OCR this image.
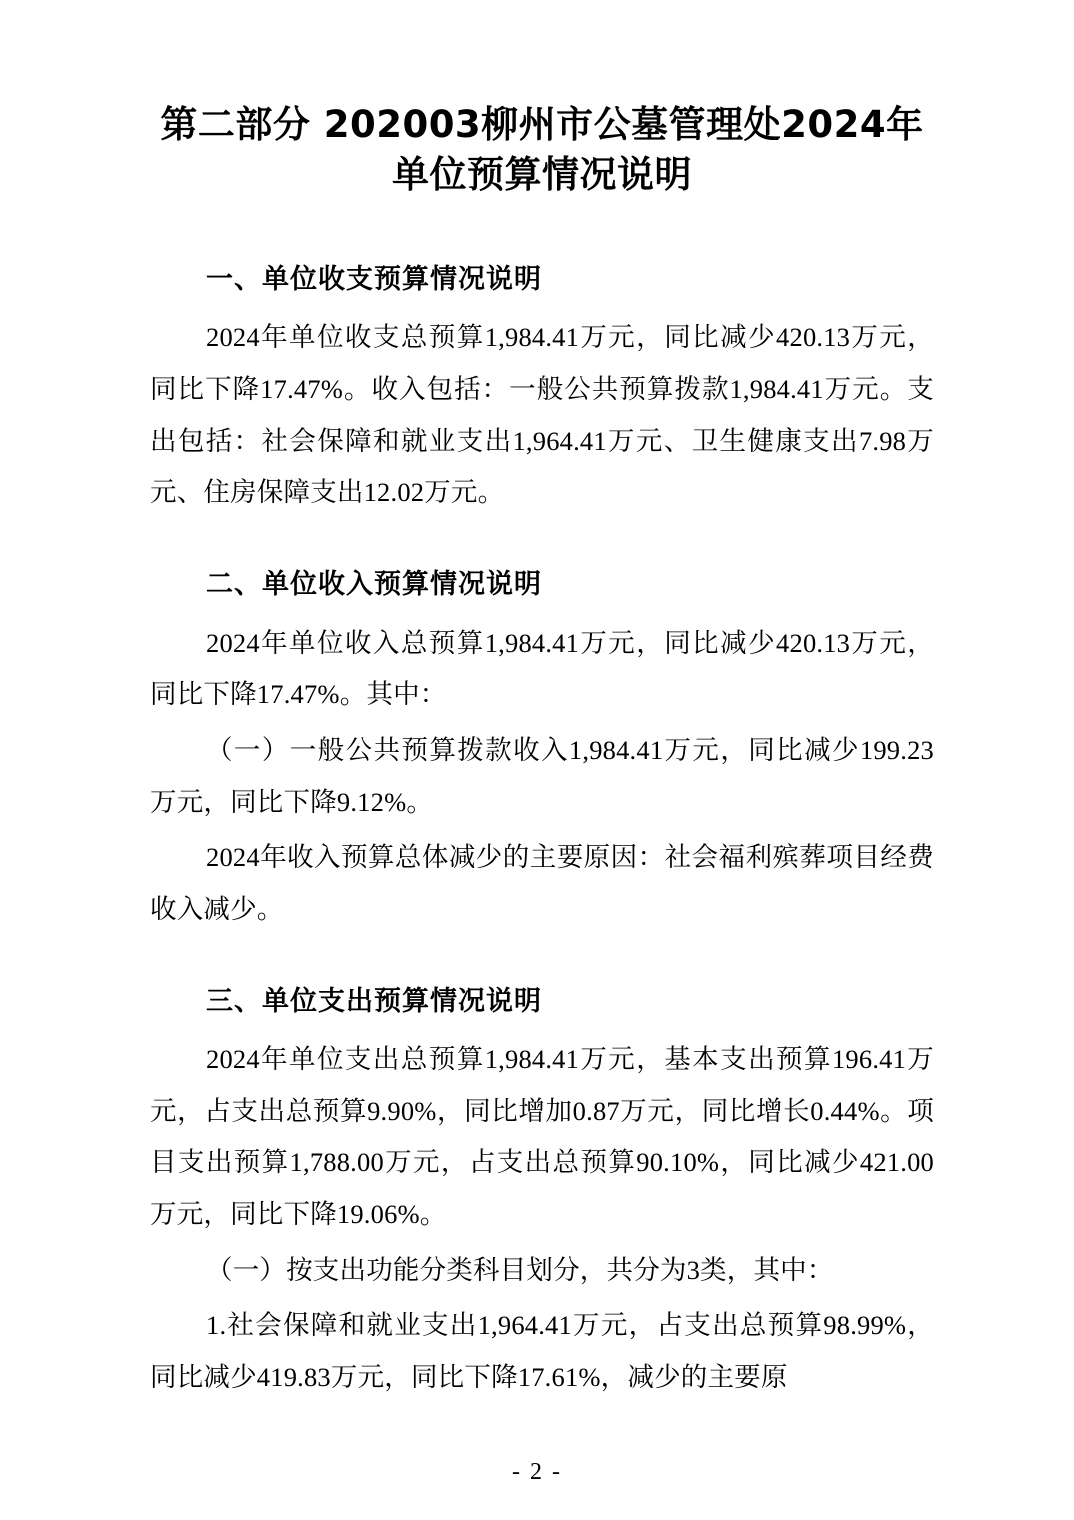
第二部分 202003柳州市公墓管理处2024年单位预算情况说明
一、单位收支预算情况说明

2024年单位收支总预算1,984.41万元，同比减少420.13万元，同比下降17.47%。收入包括：一般公共预算拨款1,984.41万元。支出包括：社会保障和就业支出1,964.41万元、卫生健康支出7.98万元、住房保障支出12.02万元。

二、单位收入预算情况说明

2024年单位收入总预算1,984.41万元，同比减少420.13万元，同比下降17.47%。其中：

（一）一般公共预算拨款收入1,984.41万元，同比减少199.23万元，同比下降9.12%。

2024年收入预算总体减少的主要原因：社会福利殡葬项目经费收入减少。

三、单位支出预算情况说明

2024年单位支出总预算1,984.41万元，基本支出预算196.41万元，占支出总预算9.90%，同比增加0.87万元，同比增长0.44%。项目支出预算1,788.00万元，占支出总预算90.10%，同比减少421.00万元，同比下降19.06%。

（一）按支出功能分类科目划分，共分为3类，其中：

1.社会保障和就业支出1,964.41万元，占支出总预算98.99%，同比减少419.83万元，同比下降17.61%，减少的主要原

- 2 -
